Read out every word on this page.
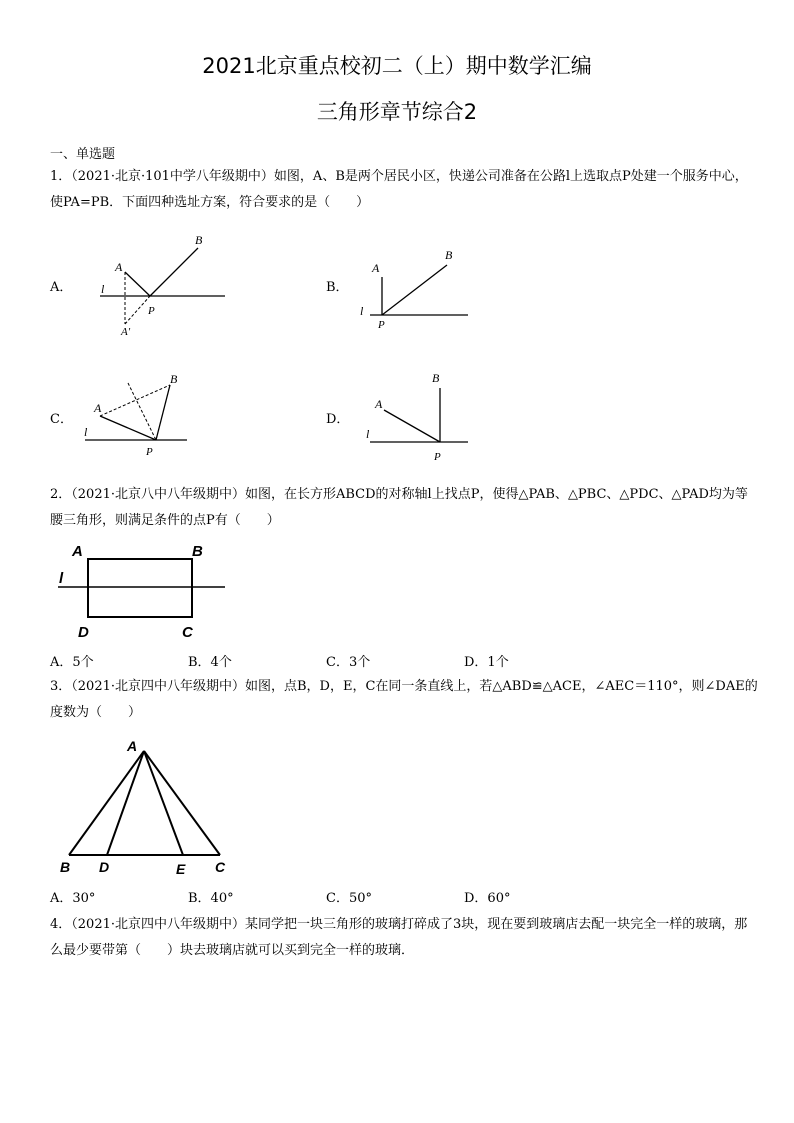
2021北京重点校初二（上）期中数学汇编
三角形章节综合2
一、单选题
1．（2021·北京·101中学八年级期中）如图，A、B是两个居民小区，快递公司准备在公路l上选取点P处建一个服务中心，使PA=PB．下面四种选址方案，符合要求的是（　　）
A．
A
B
P
l
A′
B．
A
B
P
l
C．
A
B
P
l
D．
A
B
P
l
2．（2021·北京八中八年级期中）如图，在长方形ABCD的对称轴l上找点P，使得△PAB、△PBC、△PDC、△PAD均为等腰三角形，则满足条件的点P有（　　）
A	B
D	C
l
A．5个	B．4个	C．3个	D．1个
3．（2021·北京四中八年级期中）如图，点B，D，E，C在同一条直线上，若△ABD≌△ACE，∠AEC＝110°，则∠DAE的度数为（　　）
A
B D	E C
A．30°	B．40°	C．50°	D．60°
4．（2021·北京四中八年级期中）某同学把一块三角形的玻璃打碎成了3块，现在要到玻璃店去配一块完全一样的玻璃，那么最少要带第（　　）块去玻璃店就可以买到完全一样的玻璃．
